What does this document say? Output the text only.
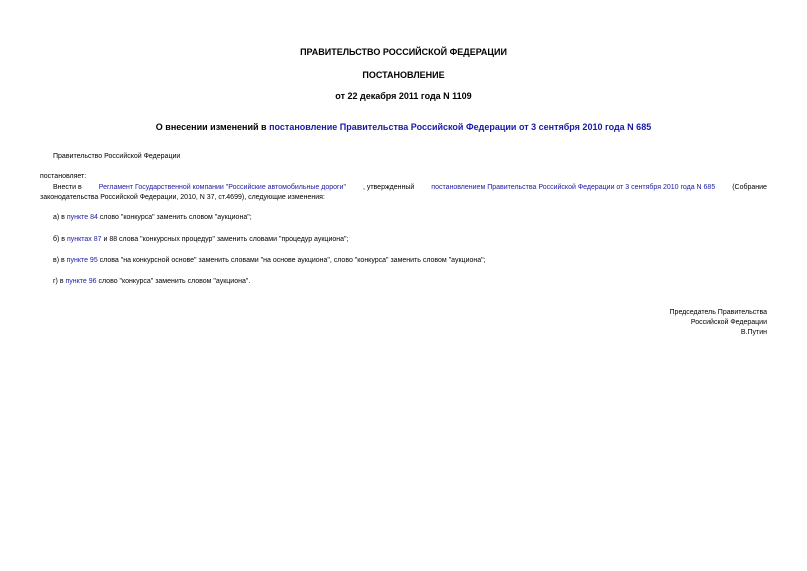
ПРАВИТЕЛЬСТВО РОССИЙСКОЙ ФЕДЕРАЦИИ
ПОСТАНОВЛЕНИЕ
от 22 декабря 2011 года N 1109
О внесении изменений в постановление Правительства Российской Федерации от 3 сентября 2010 года N 685
Правительство Российской Федерации
постановляет:
Внести в Регламент Государственной компании "Российские автомобильные дороги" , утвержденный постановлением Правительства Российской Федерации от 3 сентября 2010 года N 685 (Собрание
законодательства Российской Федерации, 2010, N 37, ст.4699), следующие изменения:
а) в пункте 84 слово "конкурса" заменить словом "аукциона";
б) в пунктах 87 и 88 слова "конкурсных процедур" заменить словами "процедур аукциона";
в) в пункте 95 слова "на конкурсной основе" заменить словами "на основе аукциона", слово "конкурса" заменить словом "аукциона";
г) в пункте 96 слово "конкурса" заменить словом "аукциона".
Председатель Правительства
Российской Федерации
В.Путин
